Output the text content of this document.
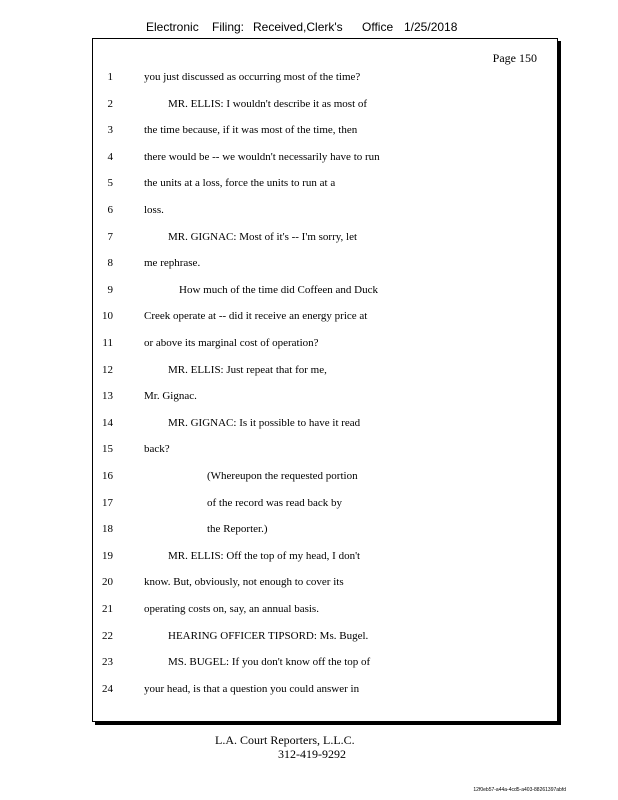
Electronic Filing: Received,Clerk's Office 1/25/2018
Page 150
1	you just discussed as occurring most of the time?
2	MR. ELLIS: I wouldn't describe it as most of
3	the time because, if it was most of the time, then
4	there would be -- we wouldn't necessarily have to run
5	the units at a loss, force the units to run at a
6	loss.
7	MR. GIGNAC: Most of it's -- I'm sorry, let
8	me rephrase.
9	How much of the time did Coffeen and Duck
10	Creek operate at -- did it receive an energy price at
11	or above its marginal cost of operation?
12	MR. ELLIS: Just repeat that for me,
13	Mr. Gignac.
14	MR. GIGNAC: Is it possible to have it read
15	back?
16	(Whereupon the requested portion
17	of the record was read back by
18	the Reporter.)
19	MR. ELLIS: Off the top of my head, I don't
20	know. But, obviously, not enough to cover its
21	operating costs on, say, an annual basis.
22	HEARING OFFICER TIPSORD: Ms. Bugel.
23	MS. BUGEL: If you don't know off the top of
24	your head, is that a question you could answer in
L.A. Court Reporters, L.L.C.
312-419-9292
12f0eb57-a44a-4cd5-a403-88261397abfd
